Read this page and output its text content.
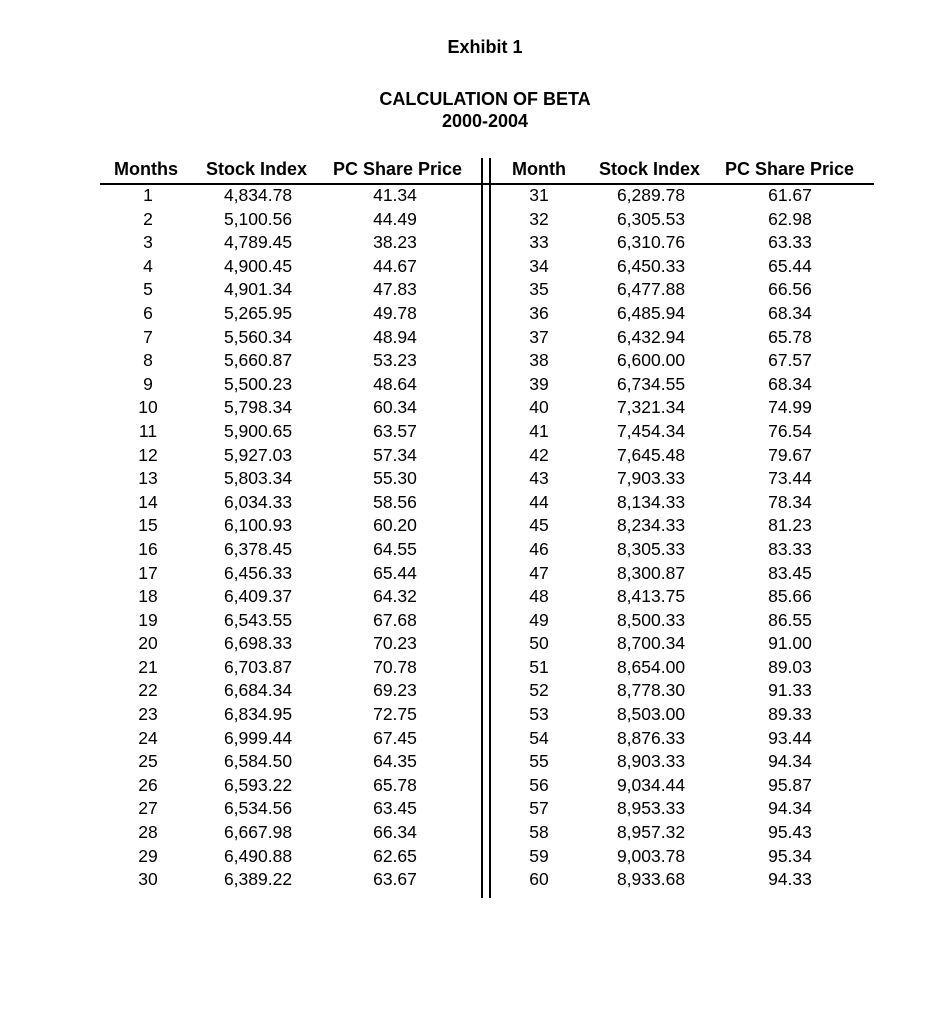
Exhibit 1
CALCULATION OF BETA
2000-2004
Months Stock Index PC Share Price	Month Stock Index PC Share Price
1	4,834.78	41.34	31	6,289.78	61.67
2	5,100.56	44.49	32	6,305.53	62.98
3	4,789.45	38.23	33	6,310.76	63.33
4	4,900.45	44.67	34	6,450.33	65.44
5	4,901.34	47.83	35	6,477.88	66.56
6	5,265.95	49.78	36	6,485.94	68.34
7	5,560.34	48.94	37	6,432.94	65.78
8	5,660.87	53.23	38	6,600.00	67.57
9	5,500.23	48.64	39	6,734.55	68.34
10	5,798.34	60.34	40	7,321.34	74.99
11	5,900.65	63.57	41	7,454.34	76.54
12	5,927.03	57.34	42	7,645.48	79.67
13	5,803.34	55.30	43	7,903.33	73.44
14	6,034.33	58.56	44	8,134.33	78.34
15	6,100.93	60.20	45	8,234.33	81.23
16	6,378.45	64.55	46	8,305.33	83.33
17	6,456.33	65.44	47	8,300.87	83.45
18	6,409.37	64.32	48	8,413.75	85.66
19	6,543.55	67.68	49	8,500.33	86.55
20	6,698.33	70.23	50	8,700.34	91.00
21	6,703.87	70.78	51	8,654.00	89.03
22	6,684.34	69.23	52	8,778.30	91.33
23	6,834.95	72.75	53	8,503.00	89.33
24	6,999.44	67.45	54	8,876.33	93.44
25	6,584.50	64.35	55	8,903.33	94.34
26	6,593.22	65.78	56	9,034.44	95.87
27	6,534.56	63.45	57	8,953.33	94.34
28	6,667.98	66.34	58	8,957.32	95.43
29	6,490.88	62.65	59	9,003.78	95.34
30	6,389.22	63.67	60	8,933.68	94.33
